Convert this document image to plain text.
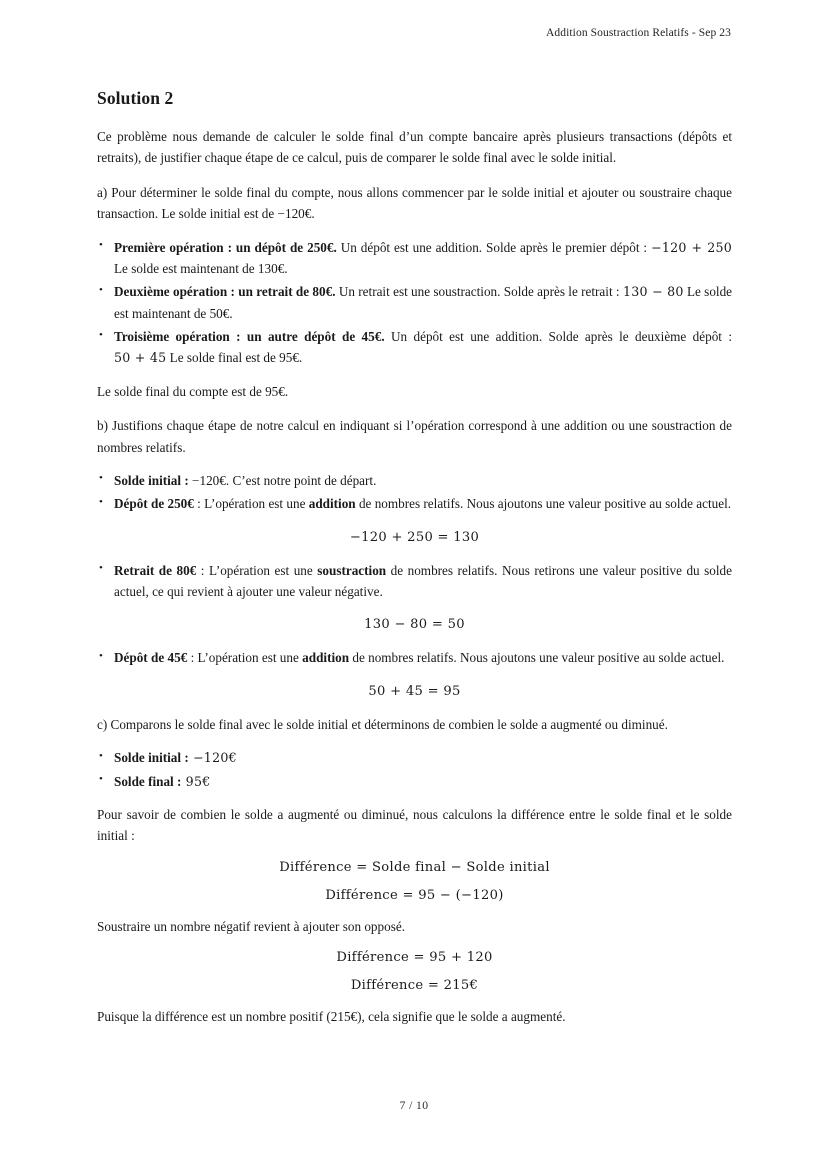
Addition Soustraction Relatifs - Sep 23
Solution 2

Ce problème nous demande de calculer le solde final d’un compte bancaire après plusieurs transactions (dépôts et retraits), de justifier chaque étape de ce calcul, puis de comparer le solde final avec le solde initial.

a) Pour déterminer le solde final du compte, nous allons commencer par le solde initial et ajouter ou soustraire chaque transaction. Le solde initial est de −120€.

• Première opération : un dépôt de 250€. Un dépôt est une addition. Solde après le premier dépôt : −120 + 250 Le solde est maintenant de 130€.
• Deuxième opération : un retrait de 80€. Un retrait est une soustraction. Solde après le retrait : 130 − 80 Le solde est maintenant de 50€.
• Troisième opération : un autre dépôt de 45€. Un dépôt est une addition. Solde après le deuxième dépôt : 50 + 45 Le solde final est de 95€.

Le solde final du compte est de 95€.

b) Justifions chaque étape de notre calcul en indiquant si l’opération correspond à une addition ou une soustraction de nombres relatifs.

• Solde initial : −120€. C’est notre point de départ.
• Dépôt de 250€ : L’opération est une addition de nombres relatifs. Nous ajoutons une valeur positive au solde actuel.
−120 + 250 = 130
• Retrait de 80€ : L’opération est une soustraction de nombres relatifs. Nous retirons une valeur positive du solde actuel, ce qui revient à ajouter une valeur négative.
130 − 80 = 50
• Dépôt de 45€ : L’opération est une addition de nombres relatifs. Nous ajoutons une valeur positive au solde actuel.
50 + 45 = 95

c) Comparons le solde final avec le solde initial et déterminons de combien le solde a augmenté ou diminué.

• Solde initial : −120€
• Solde final : 95€

Pour savoir de combien le solde a augmenté ou diminué, nous calculons la différence entre le solde final et le solde initial :

Différence = Solde final − Solde initial
Différence = 95 − (−120)

Soustraire un nombre négatif revient à ajouter son opposé.

Différence = 95 + 120
Différence = 215€

Puisque la différence est un nombre positif (215€), cela signifie que le solde a augmenté.

7 / 10
